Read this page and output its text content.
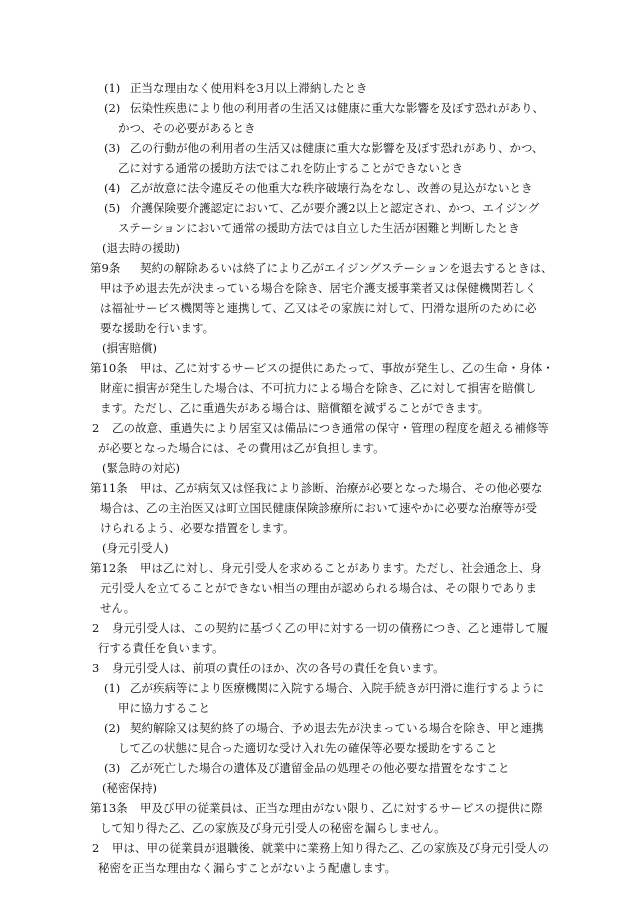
(1) 正当な理由なく使用料を3月以上滞納したとき

(2) 伝染性疾患により他の利用者の生活又は健康に重大な影響を及ぼす恐れがあり、

かつ、その必要があるとき

(3) 乙の行動が他の利用者の生活又は健康に重大な影響を及ぼす恐れがあり、かつ、

乙に対する通常の援助方法ではこれを防止することができないとき

(4) 乙が故意に法令違反その他重大な秩序破壊行為をなし、改善の見込がないとき

(5) 介護保険要介護認定において、乙が要介護2以上と認定され、かつ、エイジング

ステーションにおいて通常の援助方法では自立した生活が困難と判断したとき

(退去時の援助)

第9条 契約の解除あるいは終了により乙がエイジングステーションを退去するときは、

甲は予め退去先が決まっている場合を除き、居宅介護支援事業者又は保健機関若しく

は福祉サービス機関等と連携して、乙又はその家族に対して、円滑な退所のために必

要な援助を行います。

(損害賠償)

第10条 甲は、乙に対するサービスの提供にあたって、事故が発生し、乙の生命・身体・

財産に損害が発生した場合は、不可抗力による場合を除き、乙に対して損害を賠償し

ます。ただし、乙に重過失がある場合は、賠償額を減ずることができます。

2 乙の故意、重過失により居室又は備品につき通常の保守・管理の程度を超える補修等

が必要となった場合には、その費用は乙が負担します。

(緊急時の対応)

第11条 甲は、乙が病気又は怪我により診断、治療が必要となった場合、その他必要な

場合は、乙の主治医又は町立国民健康保険診療所において速やかに必要な治療等が受

けられるよう、必要な措置をします。

(身元引受人)

第12条 甲は乙に対し、身元引受人を求めることがあります。ただし、社会通念上、身

元引受人を立てることができない相当の理由が認められる場合は、その限りでありま

せん。

2 身元引受人は、この契約に基づく乙の甲に対する一切の債務につき、乙と連帯して履

行する責任を負います。

3 身元引受人は、前項の責任のほか、次の各号の責任を負います。

(1) 乙が疾病等により医療機関に入院する場合、入院手続きが円滑に進行するように

甲に協力すること

(2) 契約解除又は契約終了の場合、予め退去先が決まっている場合を除き、甲と連携

して乙の状態に見合った適切な受け入れ先の確保等必要な援助をすること

(3) 乙が死亡した場合の遺体及び遺留金品の処理その他必要な措置をなすこと

(秘密保持)

第13条 甲及び甲の従業員は、正当な理由がない限り、乙に対するサービスの提供に際

して知り得た乙、乙の家族及び身元引受人の秘密を漏らしません。

2 甲は、甲の従業員が退職後、就業中に業務上知り得た乙、乙の家族及び身元引受人の

秘密を正当な理由なく漏らすことがないよう配慮します。
